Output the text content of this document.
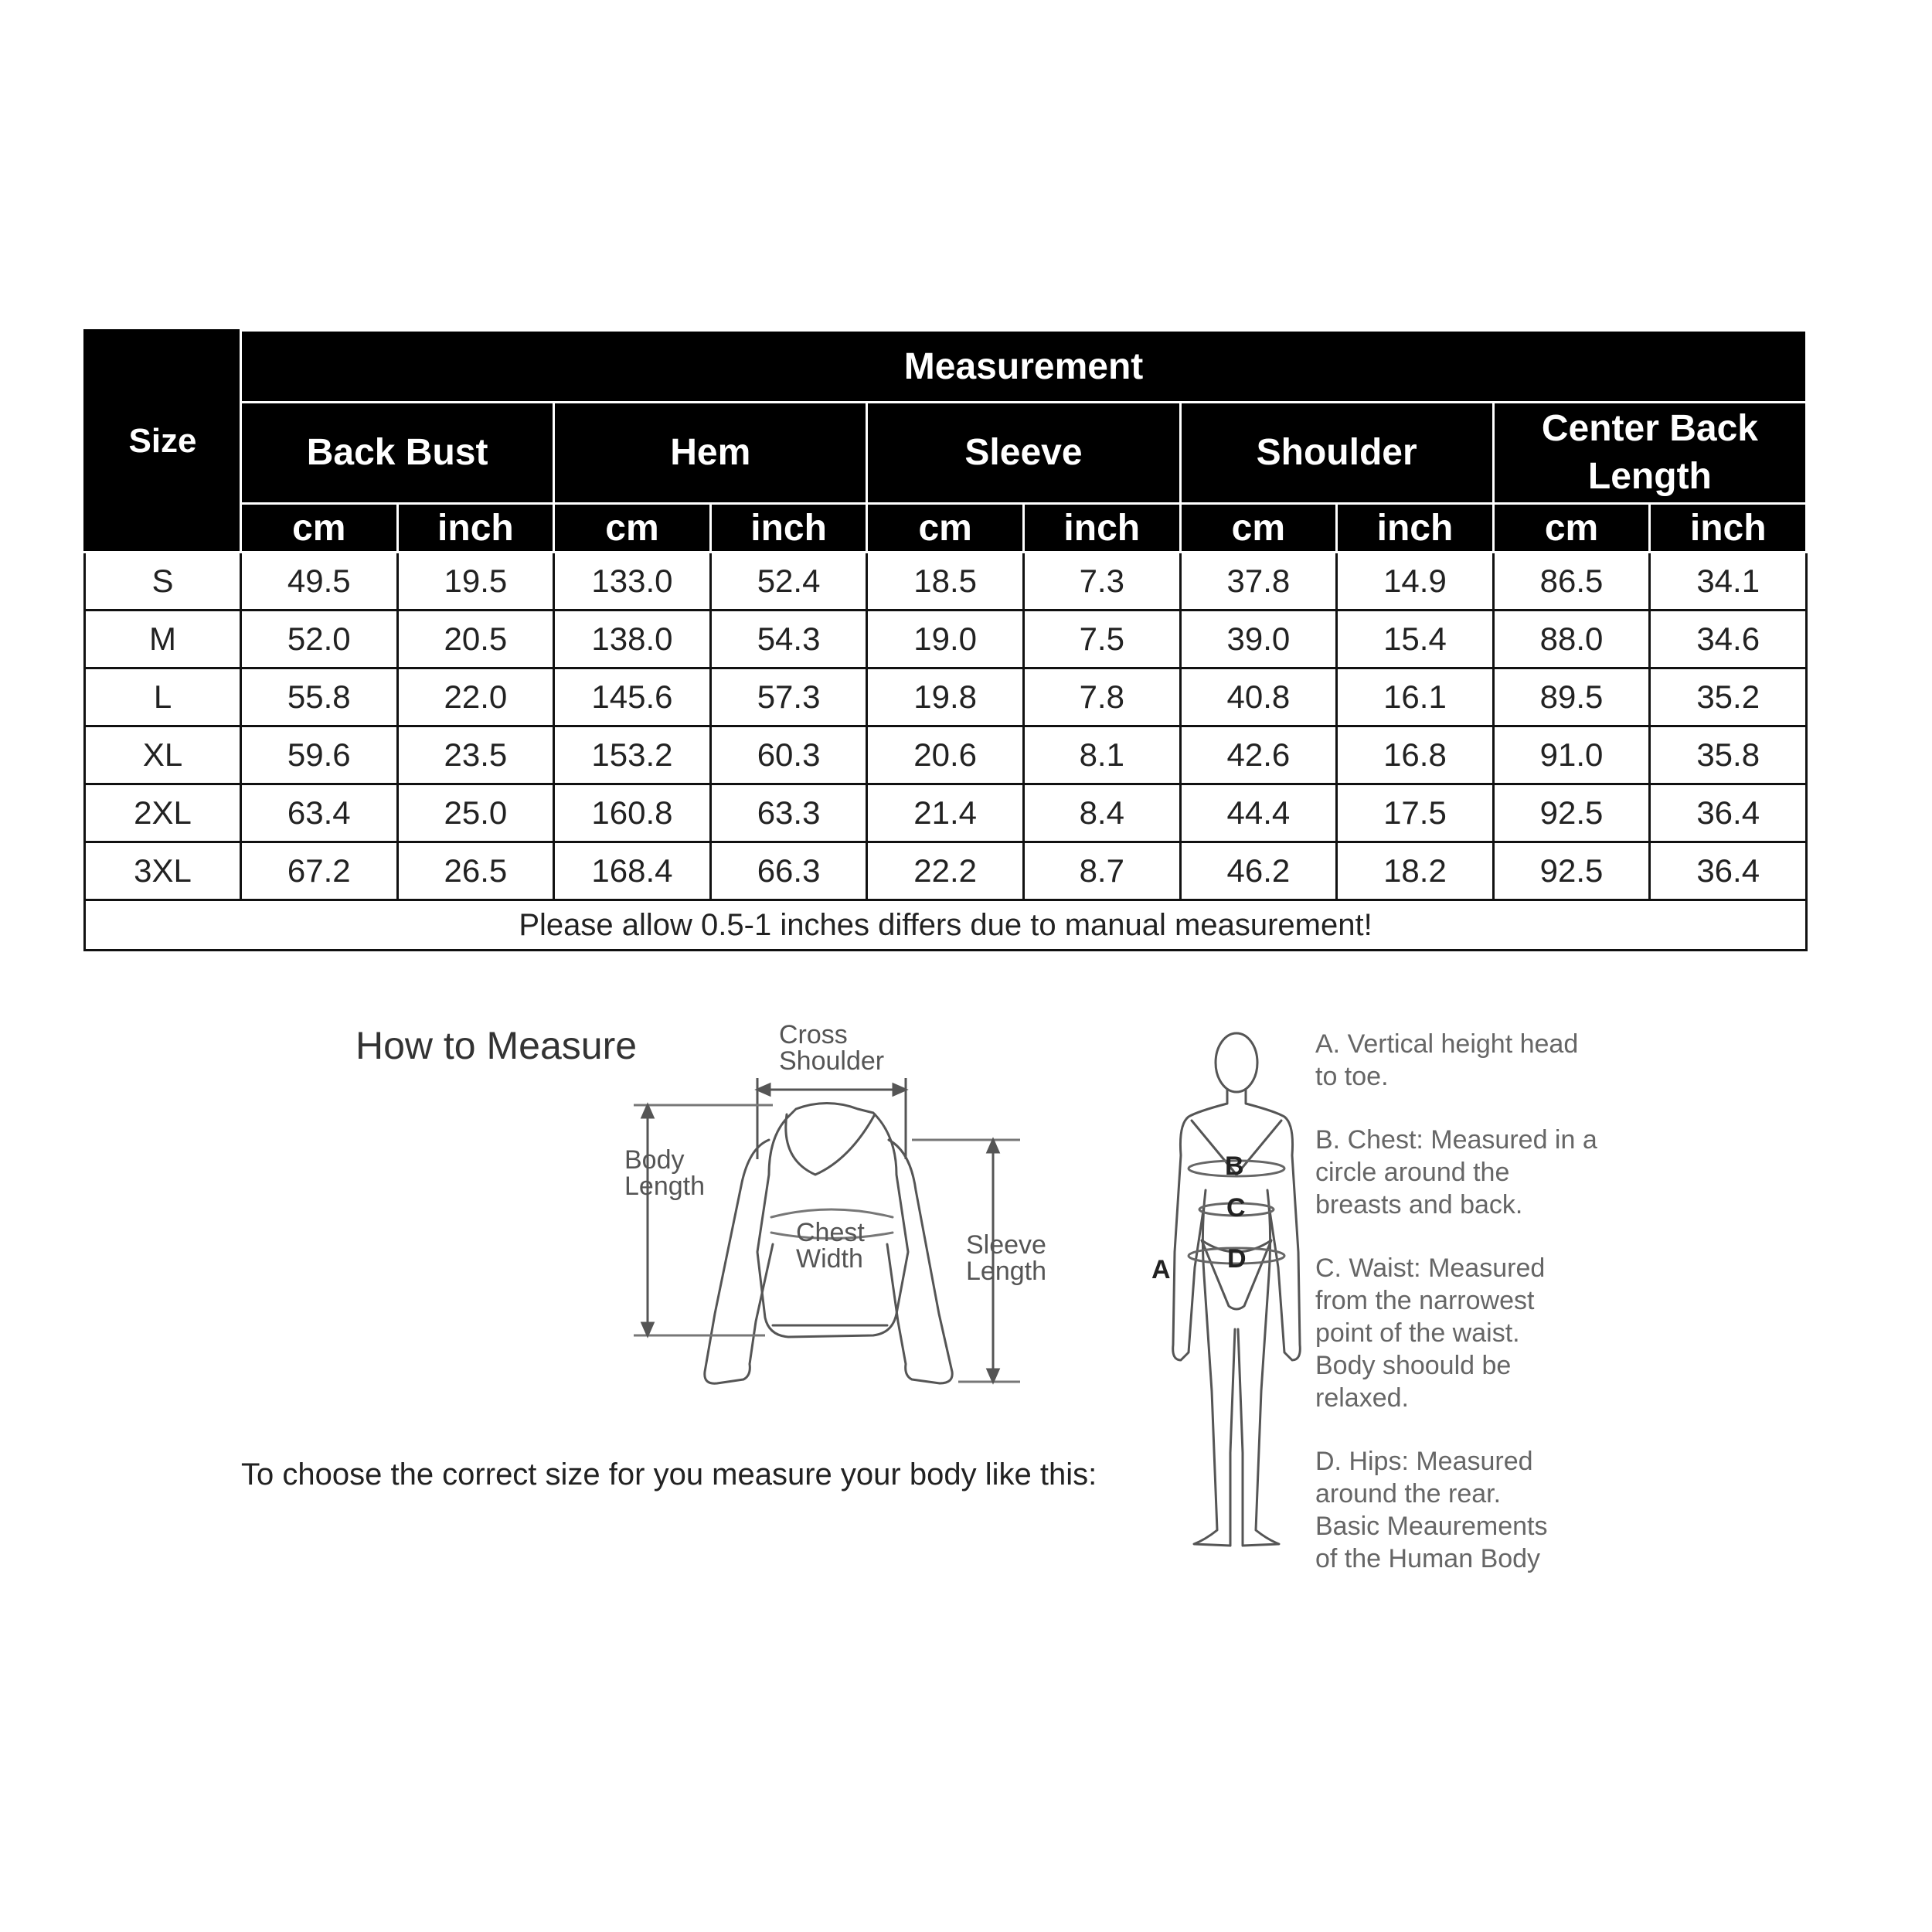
Size	Measurement									
	Back Bust		Hem		Sleeve		Shoulder		Center Back Length	
	cm	inch	cm	inch	cm	inch	cm	inch	cm	inch
S	49.5	19.5	133.0	52.4	18.5	7.3	37.8	14.9	86.5	34.1
M	52.0	20.5	138.0	54.3	19.0	7.5	39.0	15.4	88.0	34.6
L	55.8	22.0	145.6	57.3	19.8	7.8	40.8	16.1	89.5	35.2
XL	59.6	23.5	153.2	60.3	20.6	8.1	42.6	16.8	91.0	35.8
2XL	63.4	25.0	160.8	63.3	21.4	8.4	44.4	17.5	92.5	36.4
3XL	67.2	26.5	168.4	66.3	22.2	8.7	46.2	18.2	92.5	36.4
Please allow 0.5-1 inches differs due to manual measurement!										
How to Measure
To choose the correct size for you measure your body like this:
Cross
Shoulder
Body
Length
Chest
Width	Sleeve
Length
B
C
D
A
A. Vertical height head
to toe.
B. Chest: Measured in a
circle around the
breasts and back.
C. Waist: Measured
from the narrowest
point of the waist.
Body shoould be
relaxed.
D. Hips: Measured
around the rear.
Basic Meaurements
of the Human Body
